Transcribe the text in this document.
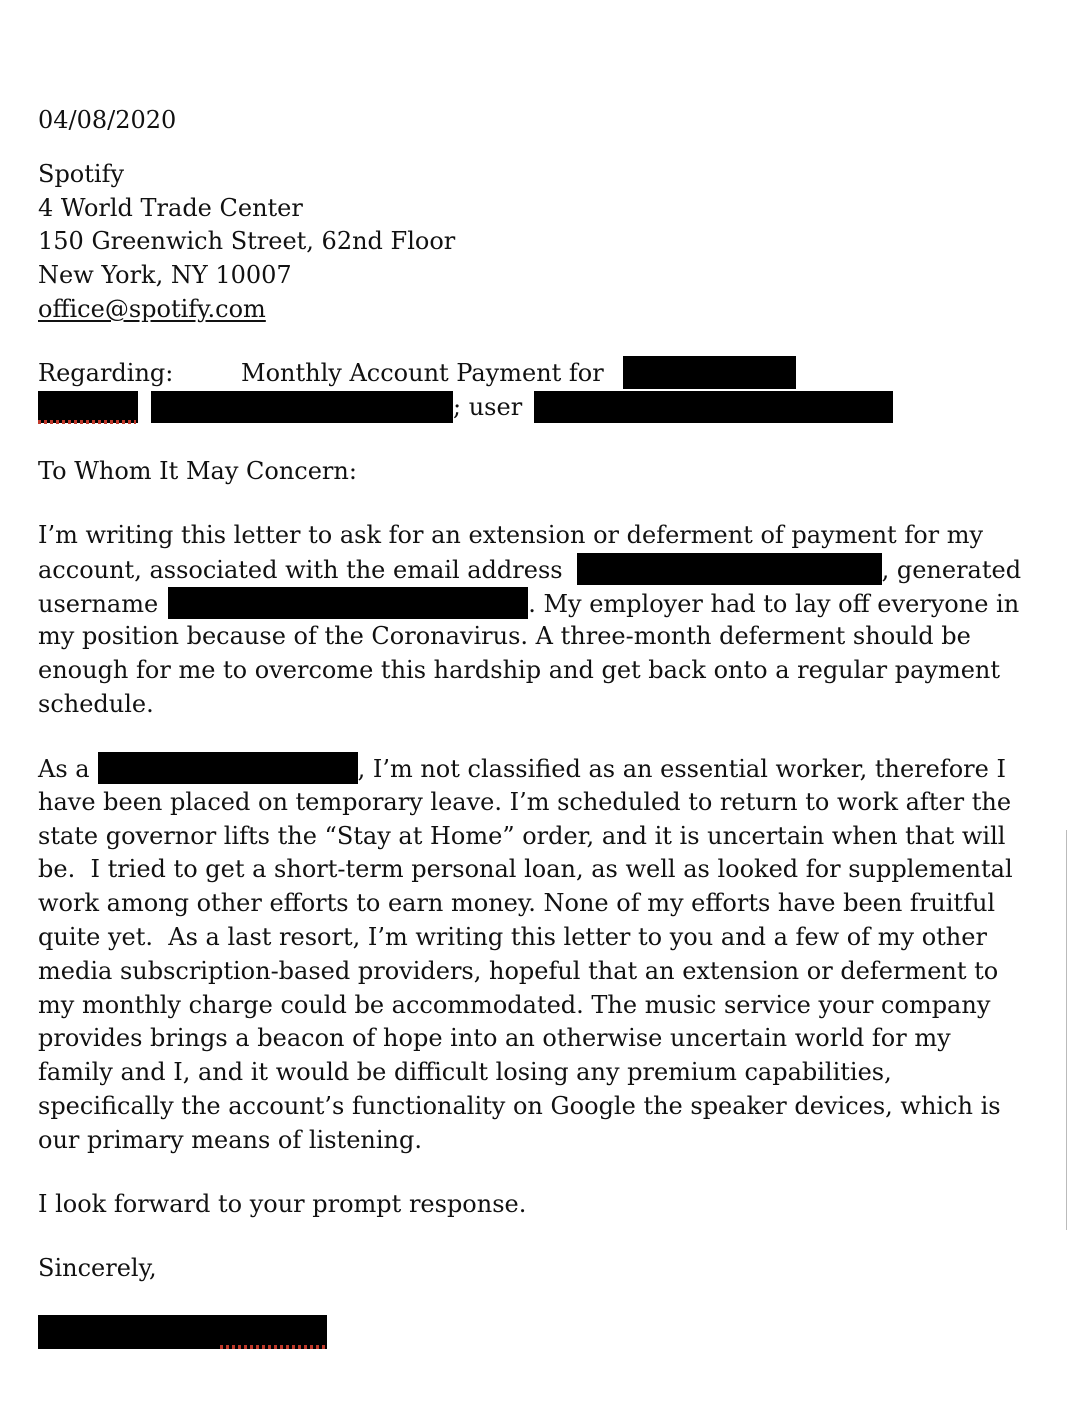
04/08/2020
Spotify
4 World Trade Center
150 Greenwich Street, 62nd Floor
New York, NY 10007
office@spotify.com
Regarding:	Monthly Account Payment for
; user
To Whom It May Concern:
I’m writing this letter to ask for an extension or deferment of payment for my
account, associated with the email address	, generated
username	. My employer had to lay off everyone in
my position because of the Coronavirus. A three-month deferment should be
enough for me to overcome this hardship and get back onto a regular payment
schedule.
As a	, I’m not classified as an essential worker, therefore I
have been placed on temporary leave. I’m scheduled to return to work after the
state governor lifts the “Stay at Home” order, and it is uncertain when that will
be.  I tried to get a short-term personal loan, as well as looked for supplemental
work among other efforts to earn money. None of my efforts have been fruitful
quite yet.  As a last resort, I’m writing this letter to you and a few of my other
media subscription-based providers, hopeful that an extension or deferment to
my monthly charge could be accommodated. The music service your company
provides brings a beacon of hope into an otherwise uncertain world for my
family and I, and it would be difficult losing any premium capabilities,
specifically the account’s functionality on Google the speaker devices, which is
our primary means of listening.
I look forward to your prompt response.
Sincerely,
